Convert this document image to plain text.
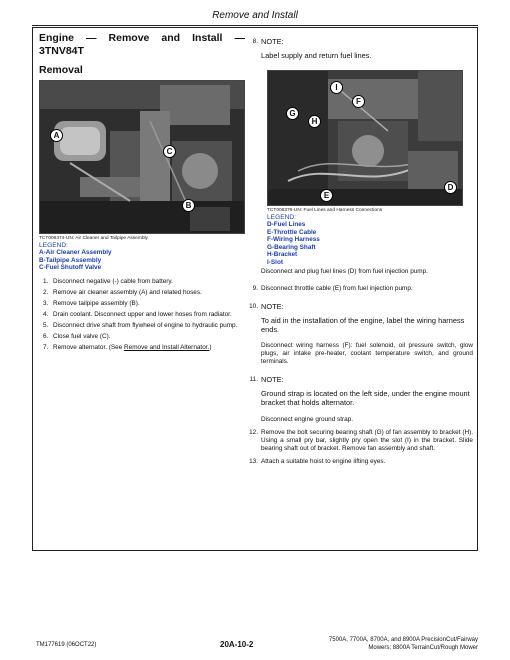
Remove and Install
Engine — Remove and Install —
3TNV84T
Removal
A
B
C
TCT006374-UN: Air Cleaner and Tailpipe Assembly
LEGEND:
A-Air Cleaner Assembly
B-Tailpipe Assembly
C-Fuel Shutoff Valve
1. Disconnect negative (-) cable from battery.
2. Remove air cleaner assembly (A) and related hoses.
3. Remove tailpipe assembly (B).
4. Drain coolant. Disconnect upper and lower hoses from radiator.
5. Disconnect drive shaft from flywheel of engine to hydraulic pump.
6. Close fuel valve (C).
7. Remove alternator. (See Remove and Install Alternator.)
8. NOTE:
Label supply and return fuel lines.
I
F
G
H
E
D
TCT006376-UN: Fuel Lines and Harness Connections
LEGEND:
D-Fuel Lines
E-Throttle Cable
F-Wiring Harness
G-Bearing Shaft
H-Bracket
I-Slot
Disconnect and plug fuel lines (D) from fuel injection pump.
9. Disconnect throttle cable (E) from fuel injection pump.
10. NOTE:
To aid in the installation of the engine, label the wiring harness ends.
Disconnect wiring harness (F): fuel solenoid, oil pressure switch, glow plugs, air intake pre-heater, coolant temperature switch, and ground terminals.
11. NOTE:
Ground strap is located on the left side, under the engine mount bracket that holds alternator.
Disconnect engine ground strap.
12. Remove the bolt securing bearing shaft (G) of fan assembly to bracket (H). Using a small pry bar, slightly pry open the slot (I) in the bracket. Slide bearing shaft out of bracket. Remove fan assembly and shaft.
13. Attach a suitable hoist to engine lifting eyes.
TM177619 (06OCT22)	20A-10-2	7500A, 7700A, 8700A, and 8900A PrecisionCut/Fairway
Mowers; 8800A TerrainCut/Rough Mower
